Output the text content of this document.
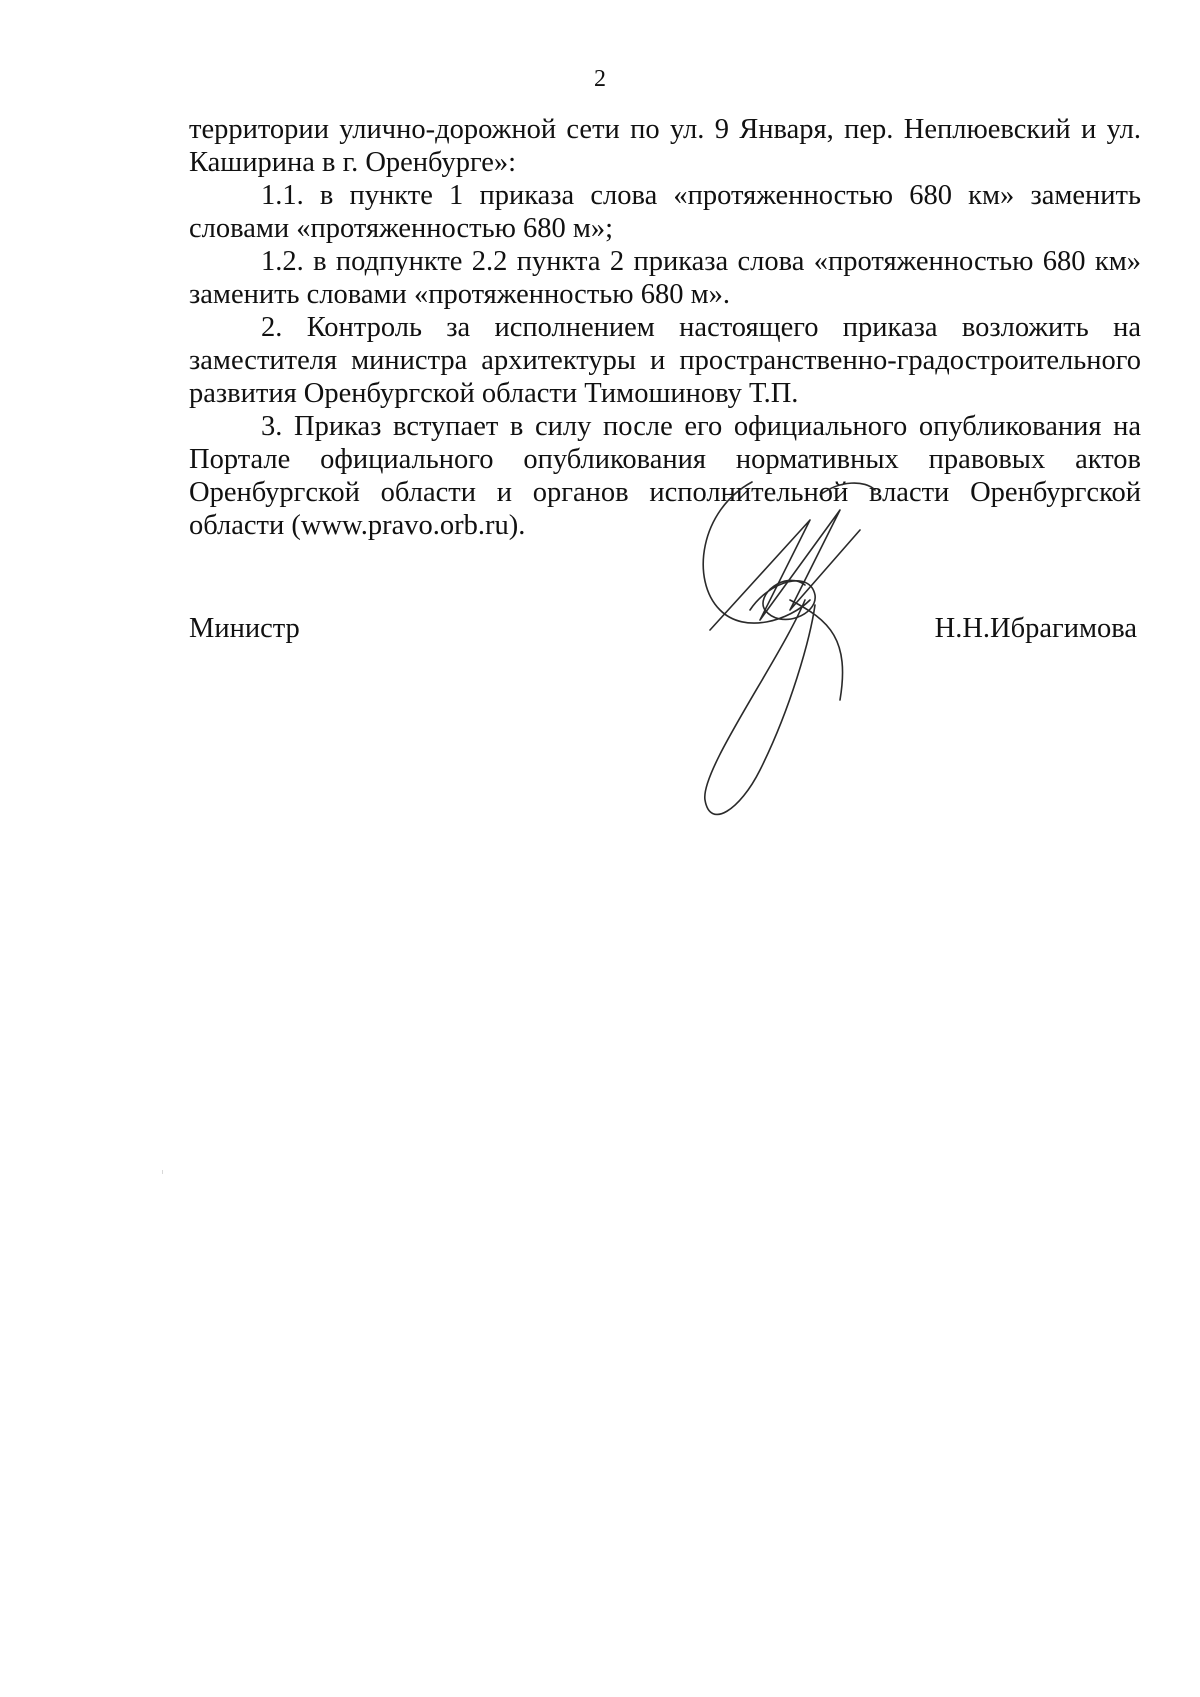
2

территории улично-дорожной сети по ул. 9 Января, пер. Неплюевский и ул. Каширина в г. Оренбурге»:

1.1. в пункте 1 приказа слова «протяженностью 680 км» заменить словами «протяженностью 680 м»;

1.2. в подпункте 2.2 пункта 2 приказа слова «протяженностью 680 км» заменить словами «протяженностью 680 м».

2. Контроль за исполнением настоящего приказа возложить на заместителя министра архитектуры и пространственно-градостроительного развития Оренбургской области Тимошинову Т.П.

3. Приказ вступает в силу после его официального опубликования на Портале официального опубликования нормативных правовых актов Оренбургской области и органов исполнительной власти Оренбургской области (www.pravo.orb.ru).

Министр	Н.Н.Ибрагимова
